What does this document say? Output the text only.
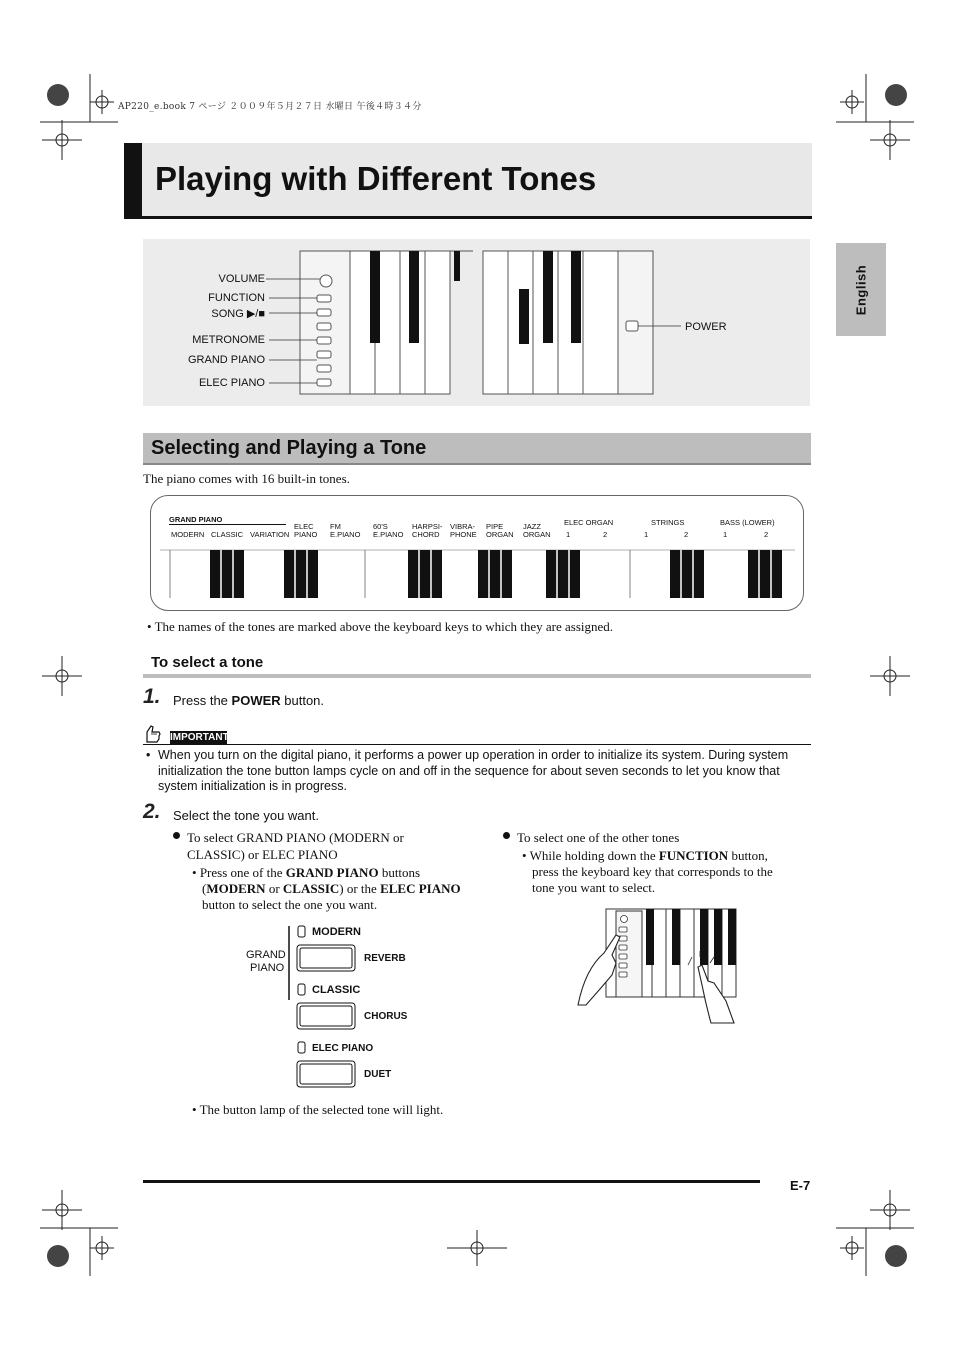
AP220_e.book 7 ページ ２００９年５月２７日 水曜日 午後４時３４分
Playing with Different Tones
English
VOLUME
FUNCTION
SONG ▶/■
METRONOME
GRAND PIANO
ELEC PIANO
POWER
Selecting and Playing a Tone
The piano comes with 16 built-in tones.
GRAND PIANO
MODERN CLASSIC VARIATION
ELEC
PIANO
FM
E.PIANO
60'S
E.PIANO
HARPSI-
CHORD
VIBRA-
PHONE
PIPE
ORGAN
JAZZ
ORGAN
ELEC ORGAN	STRINGS	BASS (LOWER)
1	2	1	2	1	2
• The names of the tones are marked above the keyboard keys to which they are assigned.
To select a tone
1. Press the POWER button.
IMPORTANT!
• When you turn on the digital piano, it performs a power up operation in order to initialize its system. During system initialization the tone button lamps cycle on and off in the sequence for about seven seconds to let you know that system initialization is in progress.
2. Select the tone you want.
To select GRAND PIANO (MODERN or
CLASSIC) or ELEC PIANO
• Press one of the GRAND PIANO buttons
(MODERN or CLASSIC) or the ELEC PIANO
button to select the one you want.
GRAND
PIANO
MODERN
REVERB
CLASSIC
CHORUS
ELEC PIANO
DUET
• The button lamp of the selected tone will light.
To select one of the other tones
• While holding down the FUNCTION button,
press the keyboard key that corresponds to the
tone you want to select.
E-7
